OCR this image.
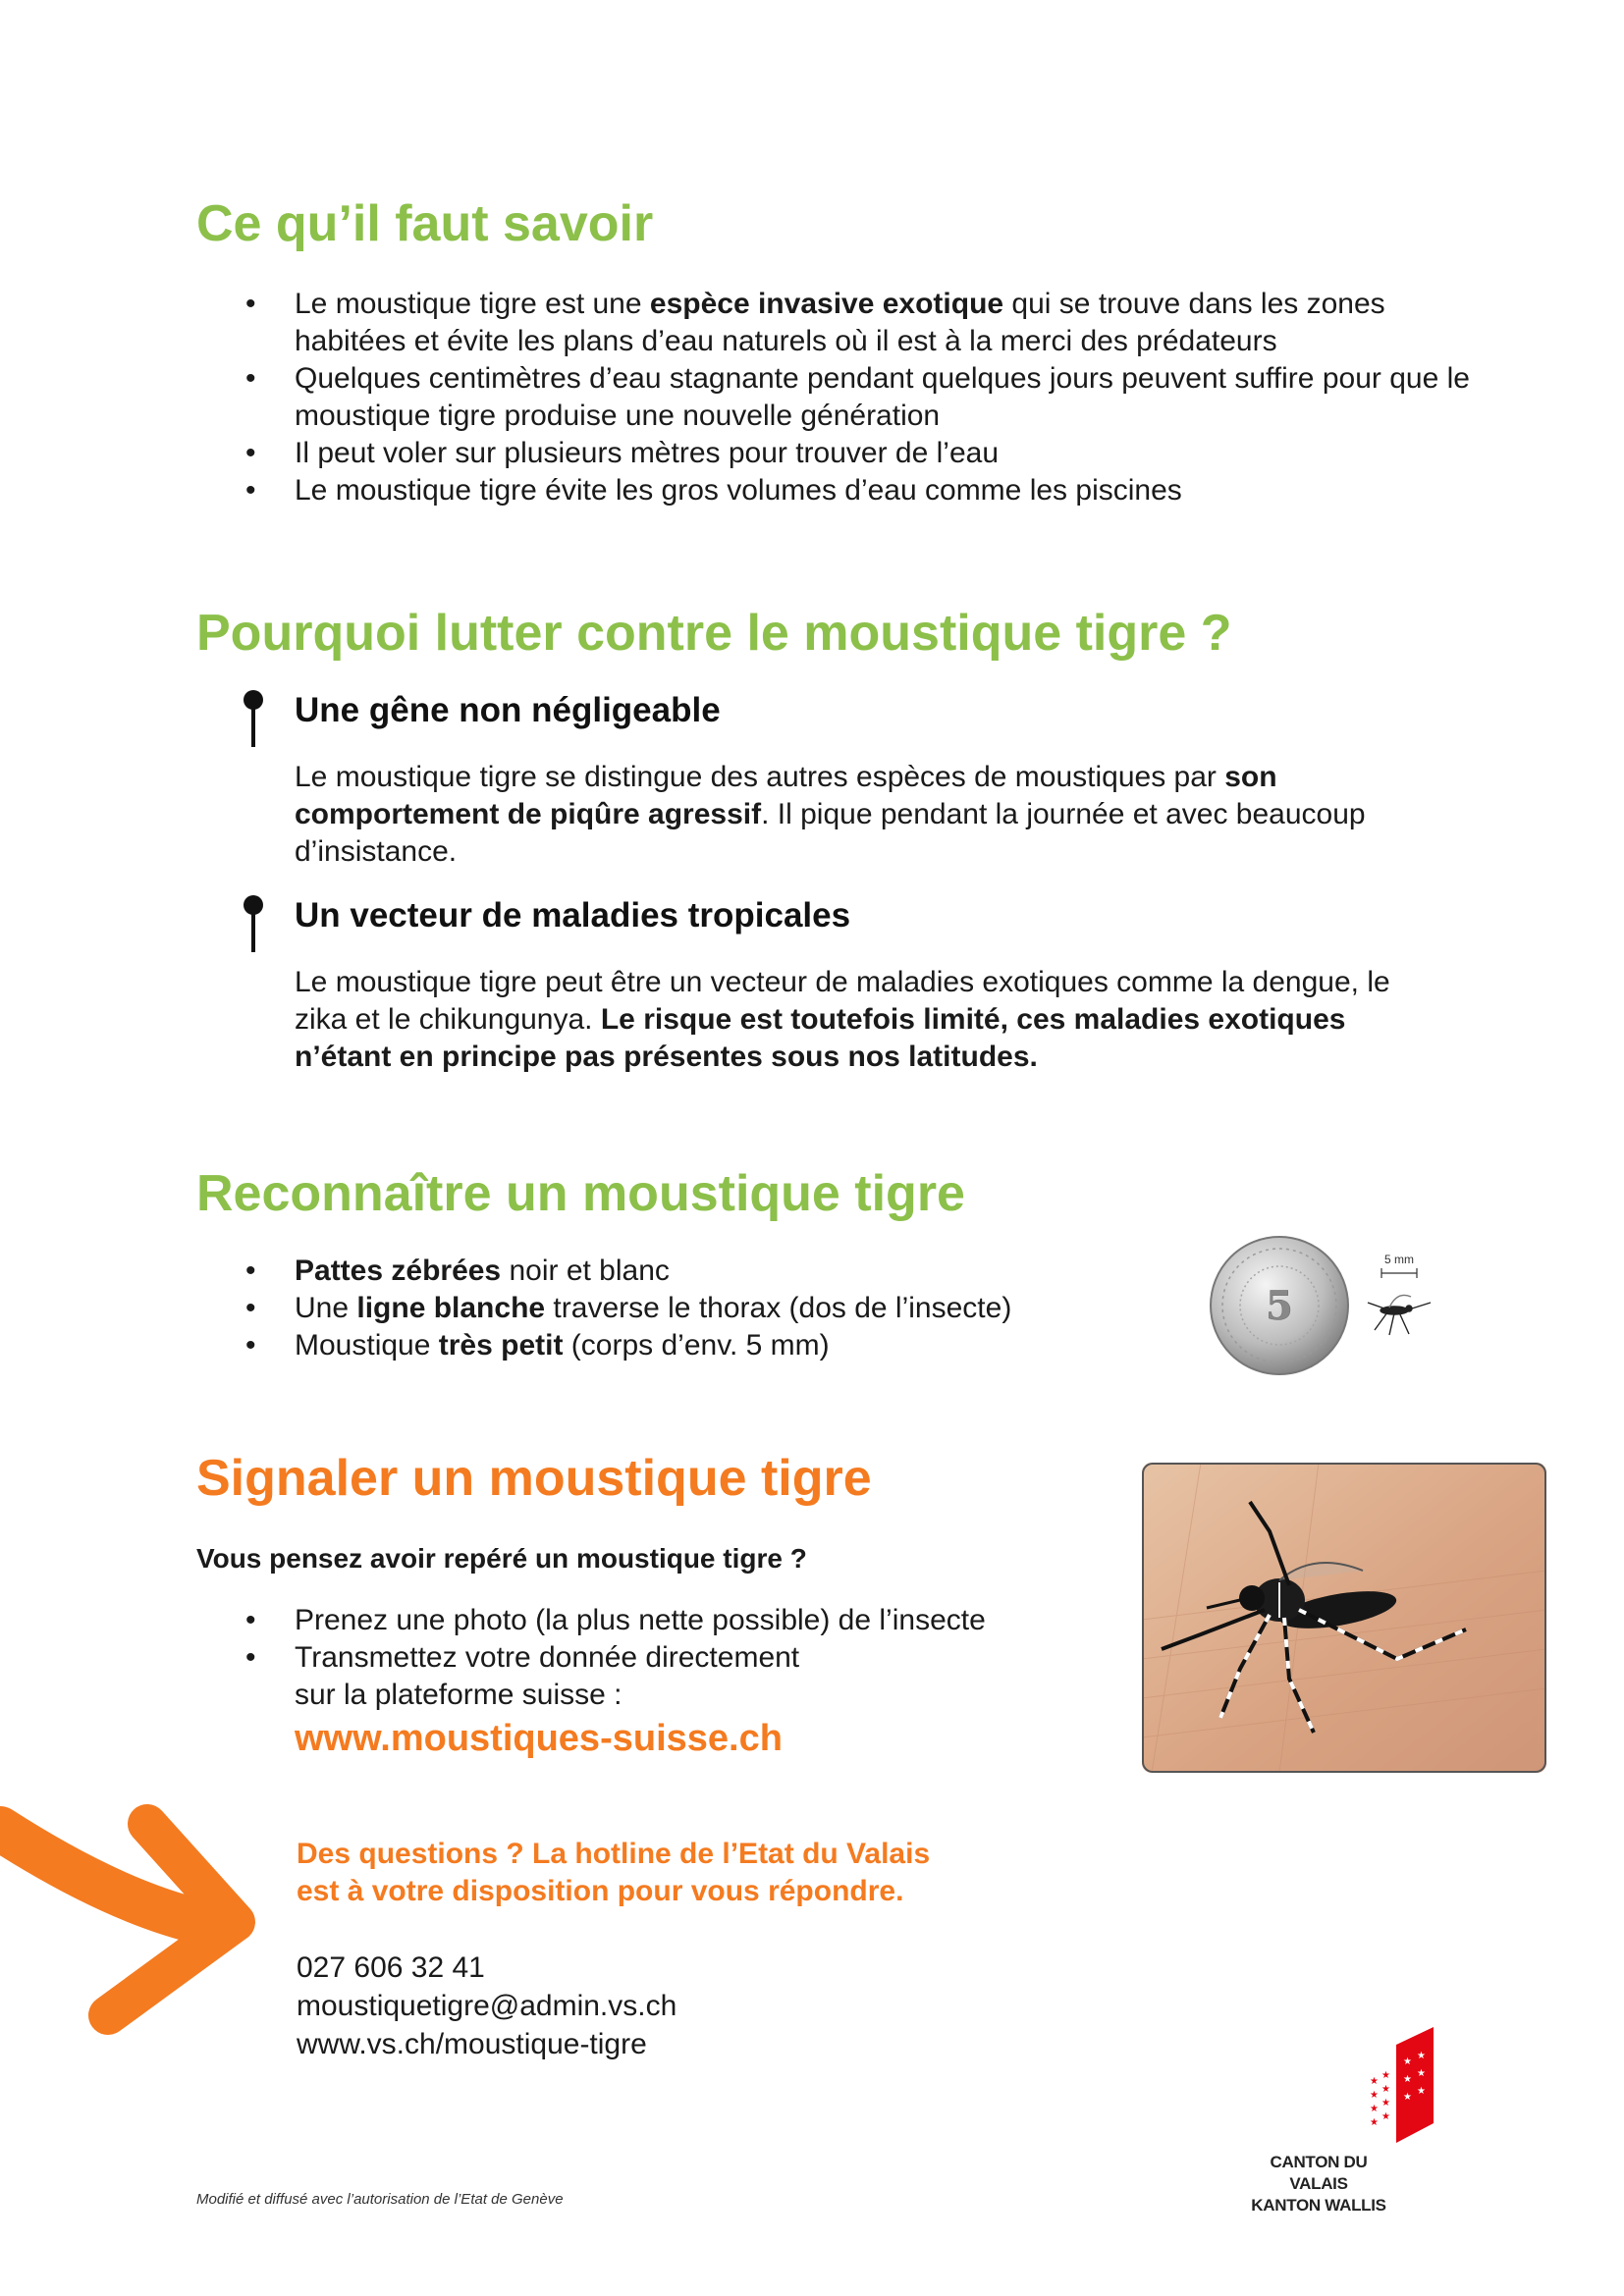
Ce qu’il faut savoir
• Le moustique tigre est une espèce invasive exotique qui se trouve dans les zones habitées et évite les plans d’eau naturels où il est à la merci des prédateurs
• Quelques centimètres d’eau stagnante pendant quelques jours peuvent suffire pour que le moustique tigre produise une nouvelle génération
• Il peut voler sur plusieurs mètres pour trouver de l’eau
• Le moustique tigre évite les gros volumes d’eau comme les piscines
Pourquoi lutter contre le moustique tigre ?
Une gêne non négligeable

Le moustique tigre se distingue des autres espèces de moustiques par son comportement de piqûre agressif. Il pique pendant la journée et avec beaucoup d’insistance.

Un vecteur de maladies tropicales

Le moustique tigre peut être un vecteur de maladies exotiques comme la dengue, le zika et le chikungunya. Le risque est toutefois limité, ces maladies exotiques n’étant en principe pas présentes sous nos latitudes.

Reconnaître un moustique tigre
• Pattes zébrées noir et blanc
• Une ligne blanche traverse le thorax (dos de l’insecte)
• Moustique très petit (corps d’env. 5 mm)
5
5 mm
Signaler un moustique tigre

Vous pensez avoir repéré un moustique tigre ?

• Prenez une photo (la plus nette possible) de l’insecte
• Transmettez votre donnée directement
sur la plateforme suisse :
www.moustiques-suisse.ch

Des questions ? La hotline de l’Etat du Valais

est à votre disposition pour vous répondre.

027 606 32 41

moustiquetigre@admin.vs.ch

www.vs.ch/moustique-tigre

Modifié et diffusé avec l’autorisation de l’Etat de Genève

★
★
★
★
★
★
★
★
★
★
★
★
★
★

CANTON DU VALAIS
KANTON WALLIS
